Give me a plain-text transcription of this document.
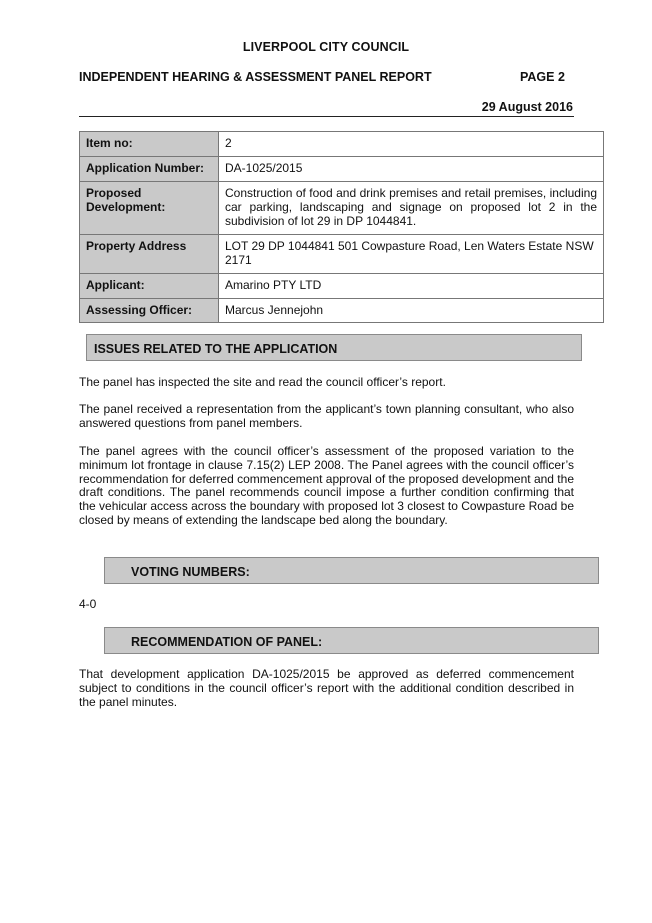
LIVERPOOL CITY COUNCIL
INDEPENDENT HEARING & ASSESSMENT PANEL REPORT	PAGE 2
29 August 2016
Item no:	2
Application Number:	DA-1025/2015
Proposed Development:	Construction of food and drink premises and retail premises, including car parking, landscaping and signage on proposed lot 2 in the subdivision of lot 29 in DP 1044841.
Property Address	LOT 29 DP 1044841 501 Cowpasture Road, Len Waters Estate NSW 2171
Applicant:	Amarino PTY LTD
Assessing Officer:	Marcus Jennejohn
ISSUES RELATED TO THE APPLICATION
The panel has inspected the site and read the council officer’s report.
The panel received a representation from the applicant’s town planning consultant, who also answered questions from panel members.
The panel agrees with the council officer’s assessment of the proposed variation to the minimum lot frontage in clause 7.15(2) LEP 2008. The Panel agrees with the council officer’s recommendation for deferred commencement approval of the proposed development and the draft conditions. The panel recommends council impose a further condition confirming that the vehicular access across the boundary with proposed lot 3 closest to Cowpasture Road be closed by means of extending the landscape bed along the boundary.
VOTING NUMBERS:
4-0
RECOMMENDATION OF PANEL:
That development application DA-1025/2015 be approved as deferred commencement subject to conditions in the council officer’s report with the additional condition described in the panel minutes.
